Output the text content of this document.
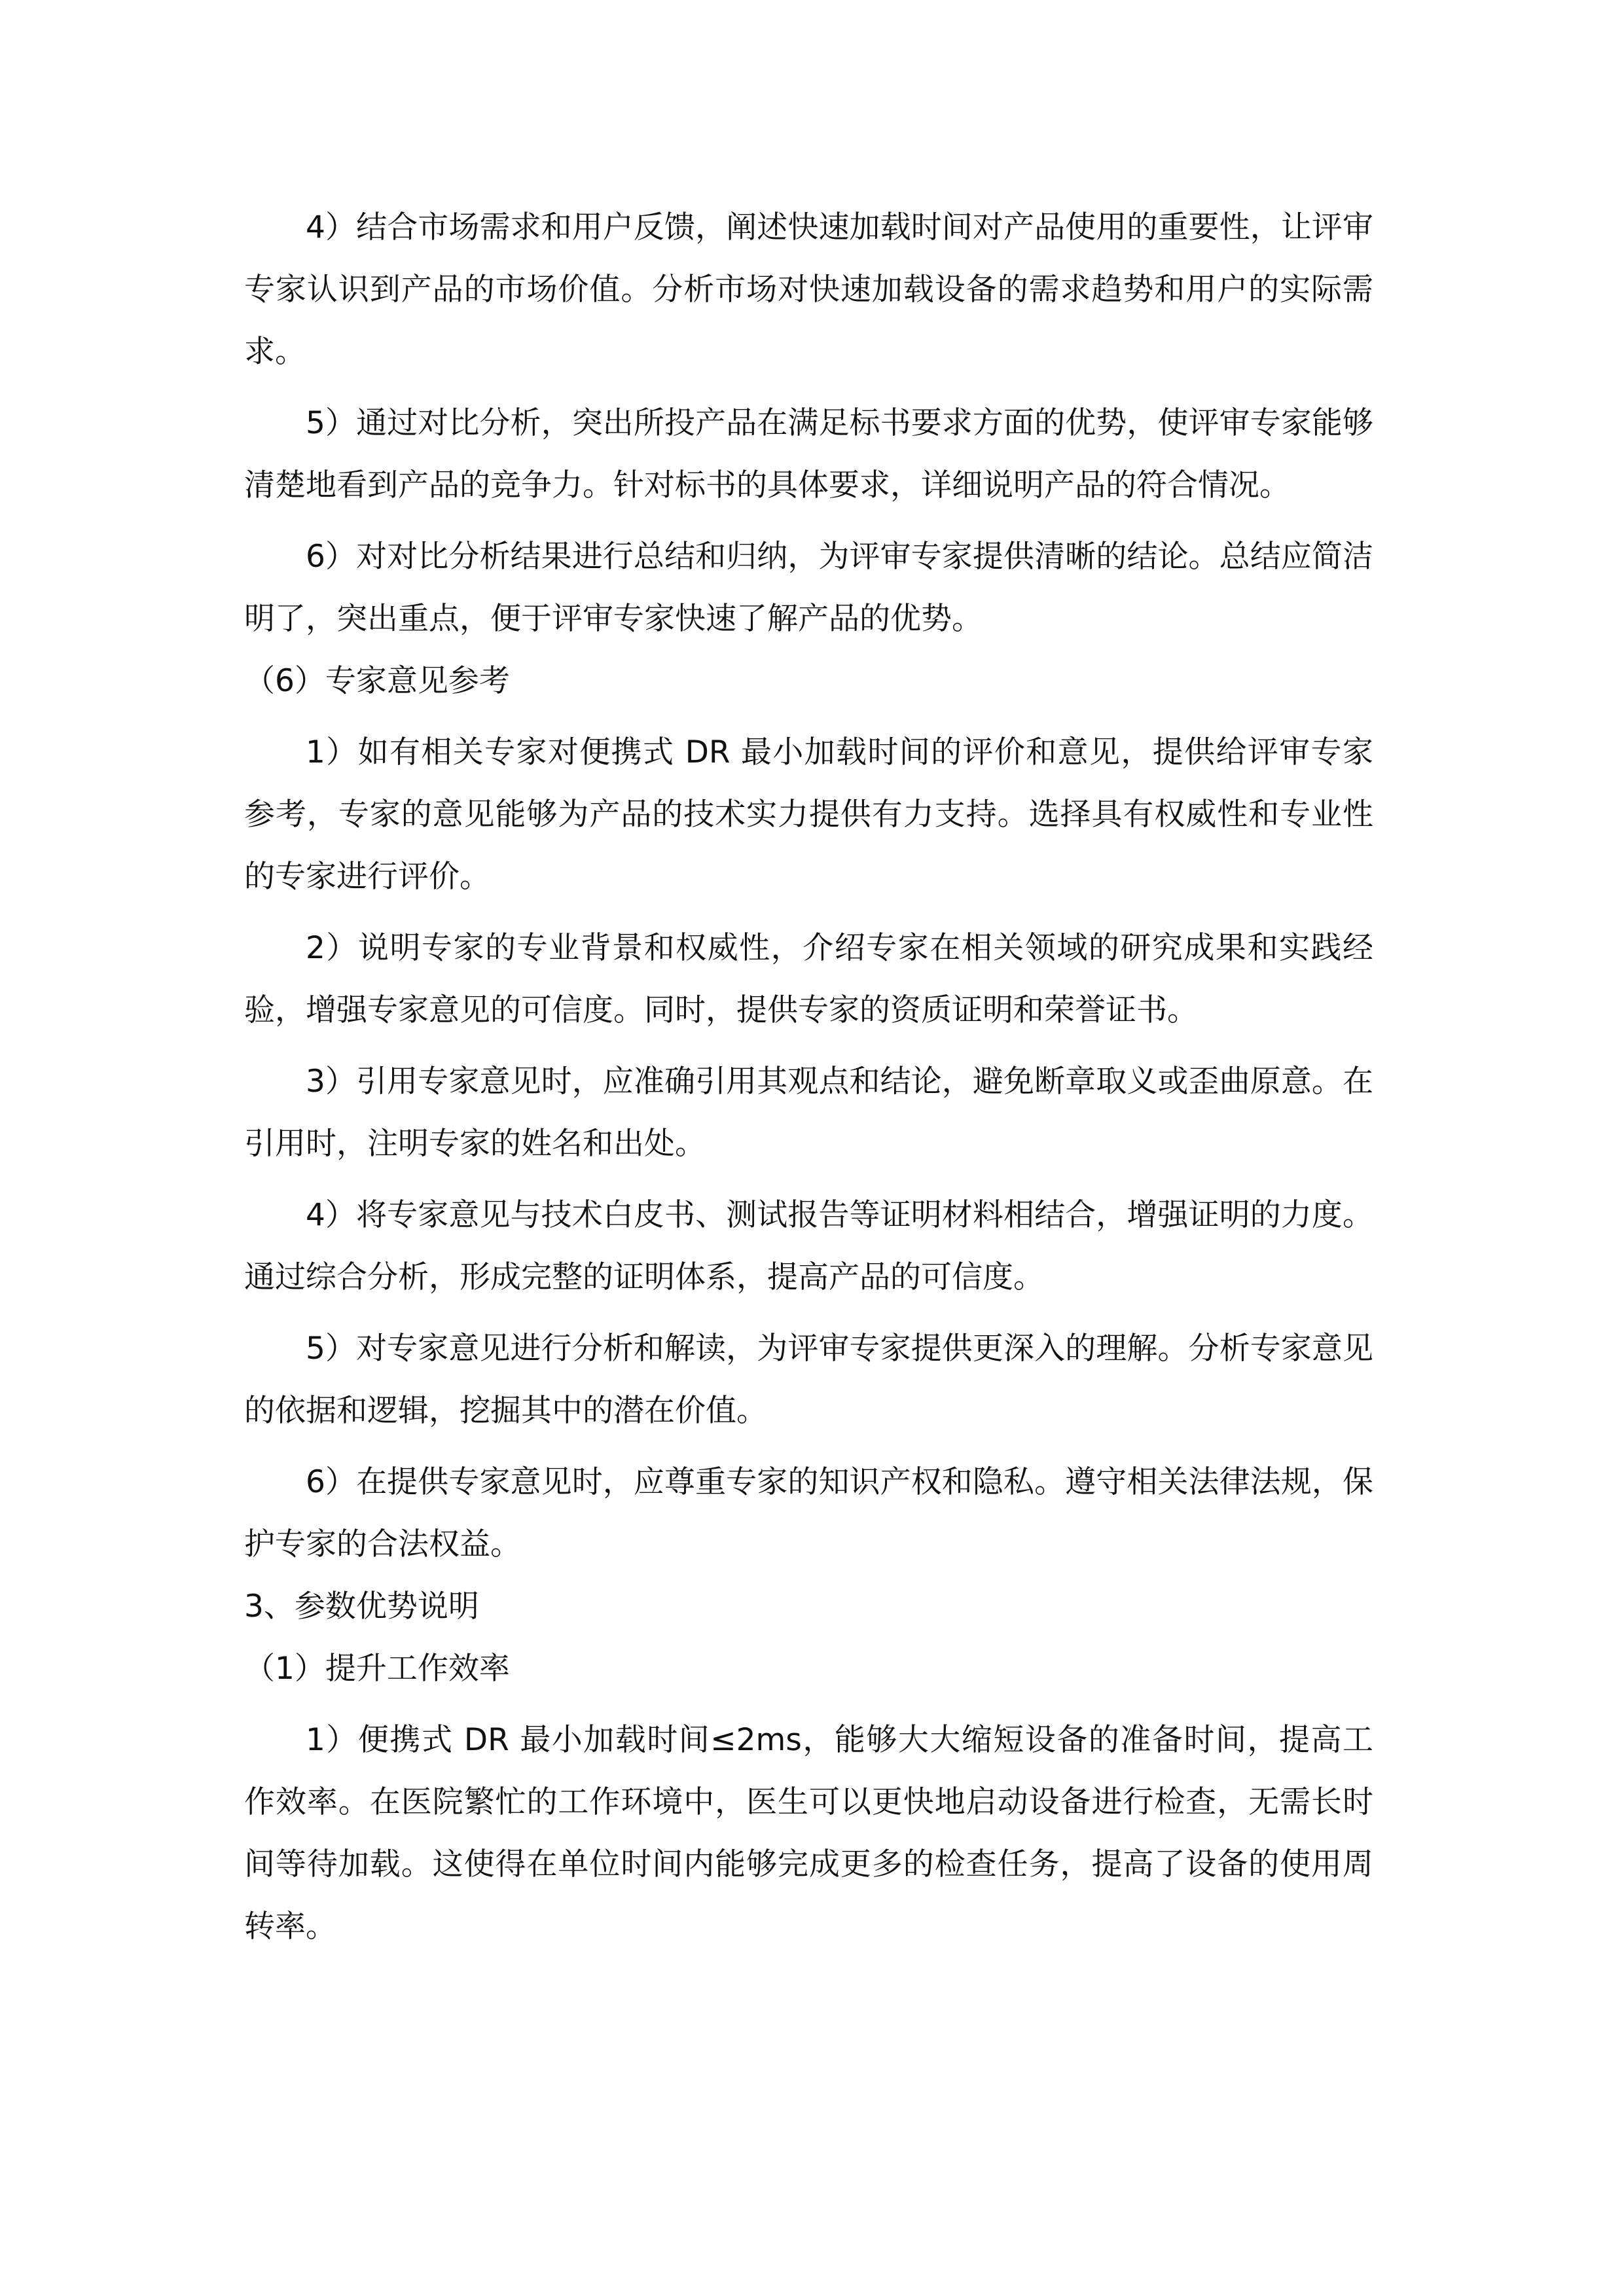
4）结合市场需求和用户反馈，阐述快速加载时间对产品使用的重要性，让评审专家认识到产品的市场价值。分析市场对快速加载设备的需求趋势和用户的实际需求。

5）通过对比分析，突出所投产品在满足标书要求方面的优势，使评审专家能够清楚地看到产品的竞争力。针对标书的具体要求，详细说明产品的符合情况。

6）对对比分析结果进行总结和归纳，为评审专家提供清晰的结论。总结应简洁明了，突出重点，便于评审专家快速了解产品的优势。

（6）专家意见参考

1）如有相关专家对便携式 DR 最小加载时间的评价和意见，提供给评审专家参考，专家的意见能够为产品的技术实力提供有力支持。选择具有权威性和专业性的专家进行评价。

2）说明专家的专业背景和权威性，介绍专家在相关领域的研究成果和实践经验，增强专家意见的可信度。同时，提供专家的资质证明和荣誉证书。

3）引用专家意见时，应准确引用其观点和结论，避免断章取义或歪曲原意。在引用时，注明专家的姓名和出处。

4）将专家意见与技术白皮书、测试报告等证明材料相结合，增强证明的力度。通过综合分析，形成完整的证明体系，提高产品的可信度。

5）对专家意见进行分析和解读，为评审专家提供更深入的理解。分析专家意见的依据和逻辑，挖掘其中的潜在价值。

6）在提供专家意见时，应尊重专家的知识产权和隐私。遵守相关法律法规，保护专家的合法权益。

3、参数优势说明

（1）提升工作效率

1）便携式 DR 最小加载时间≤2ms，能够大大缩短设备的准备时间，提高工作效率。在医院繁忙的工作环境中，医生可以更快地启动设备进行检查，无需长时间等待加载。这使得在单位时间内能够完成更多的检查任务，提高了设备的使用周转率。
